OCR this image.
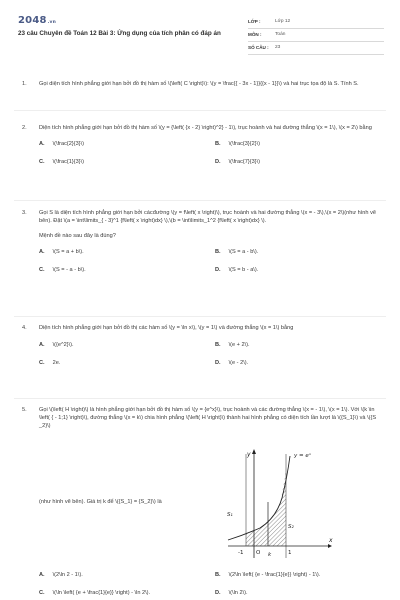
2048.vn
23 câu Chuyên đề Toán 12 Bài 3: Ứng dụng của tích phân có đáp án
LỚP :	Lớp 12
MÔN :	Toán
SỐ CÂU :	23
1. Gọi diện tích hình phẳng giới hạn bởi đồ thị hàm số \(\left( C \right)\): \(y = \frac{{ - 3x - 1}}{{x - 1}}\) và hai trục tọa độ là S. Tính S.
2. Diện tích hình phẳng giới hạn bởi đồ thị hàm số \(y = {\left( {x - 2} \right)^2} - 1\), trục hoành và hai đường thẳng \(x = 1\), \(x = 2\) bằng
A. \(\frac{2}{3}\)	B. \(\frac{3}{2}\)
C. \(\frac{1}{3}\)	D. \(\frac{7}{3}\)
3. Gọi S là diện tích hình phẳng giới hạn bởi cácđường \(y = f\left( x \right)\), trục hoành và hai đường thẳng \(x = - 3\),\(x = 2\)(như hình vẽ bên). Đặt \(a = \int\limits_{ - 3}^1 {f\left( x \right)dx} \),\(b = \int\limits_1^2 {f\left( x \right)dx} \).
Mệnh đề nào sau đây là đúng?
A. \(S = a + b\).	B. \(S = a - b\).
C. \(S = - a - b\).	D. \(S = b - a\).
4. Diện tích hình phẳng giới hạn bởi đồ thị các hàm số \(y = \ln x\), \(y = 1\) và đường thẳng \(x = 1\) bằng
A. \({e^2}\).	B. \(e + 2\).
C. 2e.	D. \(e - 2\).
5. Gọi \(\left( H \right)\) là hình phẳng giới hạn bởi đồ thị hàm số \(y = {e^x}\), trục hoành và các đường thẳng \(x = - 1\), \(x = 1\). Với \(k \in \left( { - 1;1} \right)\), đường thẳng \(x = k\) chia hình phẳng \(\left( H \right)\) thành hai hình phẳng có diện tích lần lượt là \({S_1}\) và \({S_2}\)
(như hình vẽ bên). Giá trị k để \({S_1} = {S_2}\) là
y
x
y = eˣ
S₁
S₂
-1 O k	1
A. \(2\ln 2 - 1\).	B. \(2\ln \left( {e - \frac{1}{e}} \right) - 1\).
C. \(\ln \left( {e + \frac{1}{e}} \right) - \ln 2\).	D. \(\ln 2\).
